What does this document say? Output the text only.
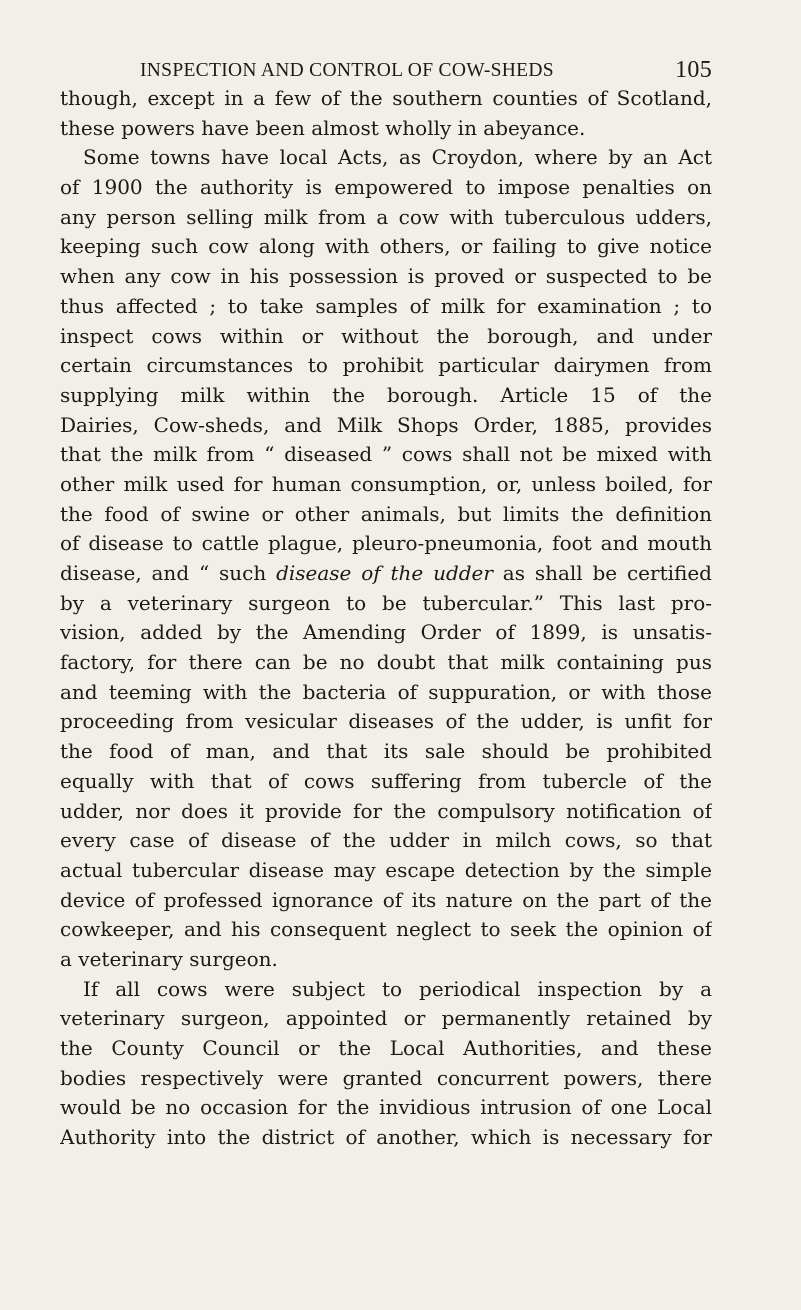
INSPECTION AND CONTROL OF COW-SHEDS	105
though, except in a few of the southern counties of Scotland,
these powers have been almost wholly in abeyance.
Some towns have local Acts, as Croydon, where by an Act
of 1900 the authority is empowered to impose penalties on
any person selling milk from a cow with tuberculous udders,
keeping such cow along with others, or failing to give notice
when any cow in his possession is proved or suspected to be
thus affected ; to take samples of milk for examination ; to
inspect cows within or without the borough, and under
certain circumstances to prohibit particular dairymen from
supplying milk within the borough. Article 15 of the
Dairies, Cow-sheds, and Milk Shops Order, 1885, provides
that the milk from “ diseased ” cows shall not be mixed with
other milk used for human consumption, or, unless boiled, for
the food of swine or other animals, but limits the definition
of disease to cattle plague, pleuro-pneumonia, foot and mouth
disease, and “ such disease of the udder as shall be certified
by a veterinary surgeon to be tubercular.” This last pro-
vision, added by the Amending Order of 1899, is unsatis-
factory, for there can be no doubt that milk containing pus
and teeming with the bacteria of suppuration, or with those
proceeding from vesicular diseases of the udder, is unfit for
the food of man, and that its sale should be prohibited
equally with that of cows suffering from tubercle of the
udder, nor does it provide for the compulsory notification of
every case of disease of the udder in milch cows, so that
actual tubercular disease may escape detection by the simple
device of professed ignorance of its nature on the part of the
cowkeeper, and his consequent neglect to seek the opinion of
a veterinary surgeon.
If all cows were subject to periodical inspection by a
veterinary surgeon, appointed or permanently retained by
the County Council or the Local Authorities, and these
bodies respectively were granted concurrent powers, there
would be no occasion for the invidious intrusion of one Local
Authority into the district of another, which is necessary for
